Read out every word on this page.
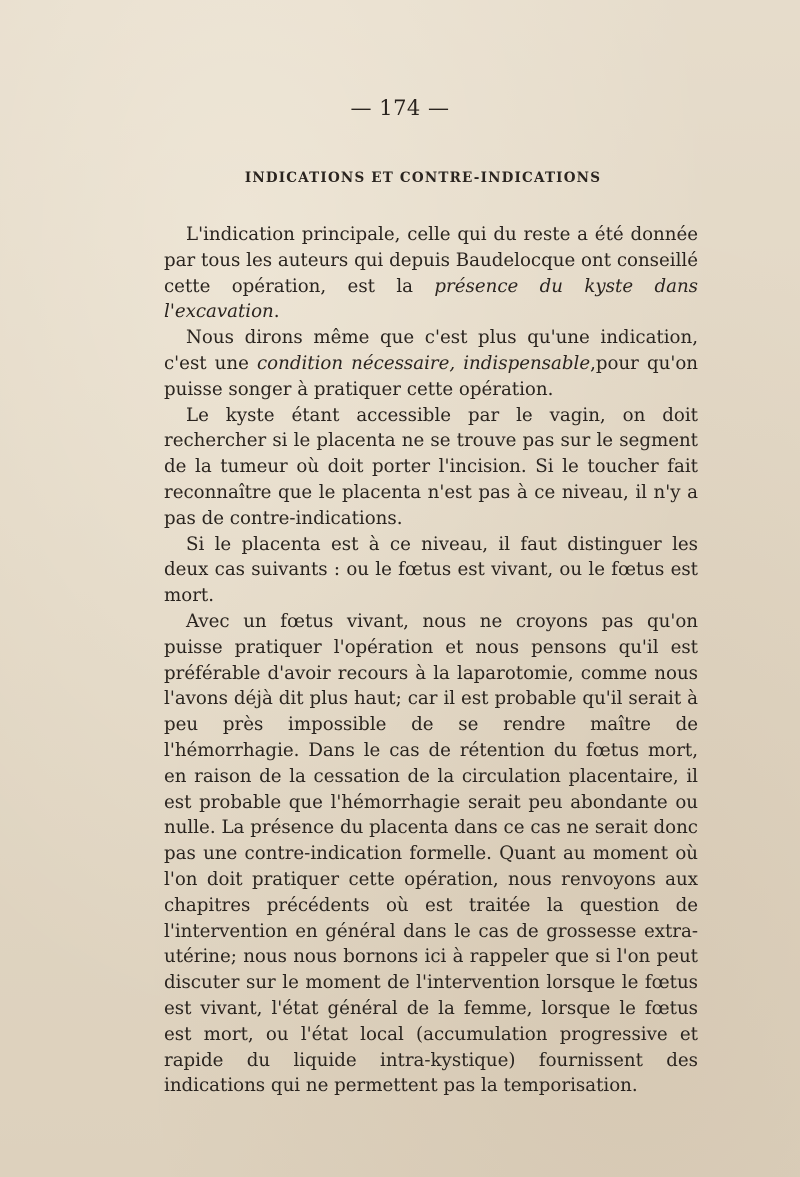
— 174 —
INDICATIONS ET CONTRE-INDICATIONS

L'indication principale, celle qui du reste a été donnée par tous les auteurs qui depuis Baudelocque ont conseillé cette opération, est la présence du kyste dans l'excavation.

Nous dirons même que c'est plus qu'une indication, c'est une condition nécessaire, indispensable,pour qu'on puisse songer à pratiquer cette opération.

Le kyste étant accessible par le vagin, on doit rechercher si le placenta ne se trouve pas sur le segment de la tumeur où doit porter l'incision. Si le toucher fait reconnaître que le placenta n'est pas à ce niveau, il n'y a pas de contre-indications.

Si le placenta est à ce niveau, il faut distinguer les deux cas suivants : ou le fœtus est vivant, ou le fœtus est mort.

Avec un fœtus vivant, nous ne croyons pas qu'on puisse pratiquer l'opération et nous pensons qu'il est préférable d'avoir recours à la laparotomie, comme nous l'avons déjà dit plus haut; car il est probable qu'il serait à peu près impossible de se rendre maître de l'hémorrhagie. Dans le cas de rétention du fœtus mort, en raison de la cessation de la circulation placentaire, il est probable que l'hémorrhagie serait peu abondante ou nulle. La présence du placenta dans ce cas ne serait donc pas une contre-indication formelle. Quant au moment où l'on doit pratiquer cette opération, nous renvoyons aux chapitres précédents où est traitée la question de l'intervention en général dans le cas de grossesse extra-utérine; nous nous bornons ici à rappeler que si l'on peut discuter sur le moment de l'intervention lorsque le fœtus est vivant, l'état général de la femme, lorsque le fœtus est mort, ou l'état local (accumulation progressive et rapide du liquide intra-kystique) fournissent des indications qui ne permettent pas la temporisation.
